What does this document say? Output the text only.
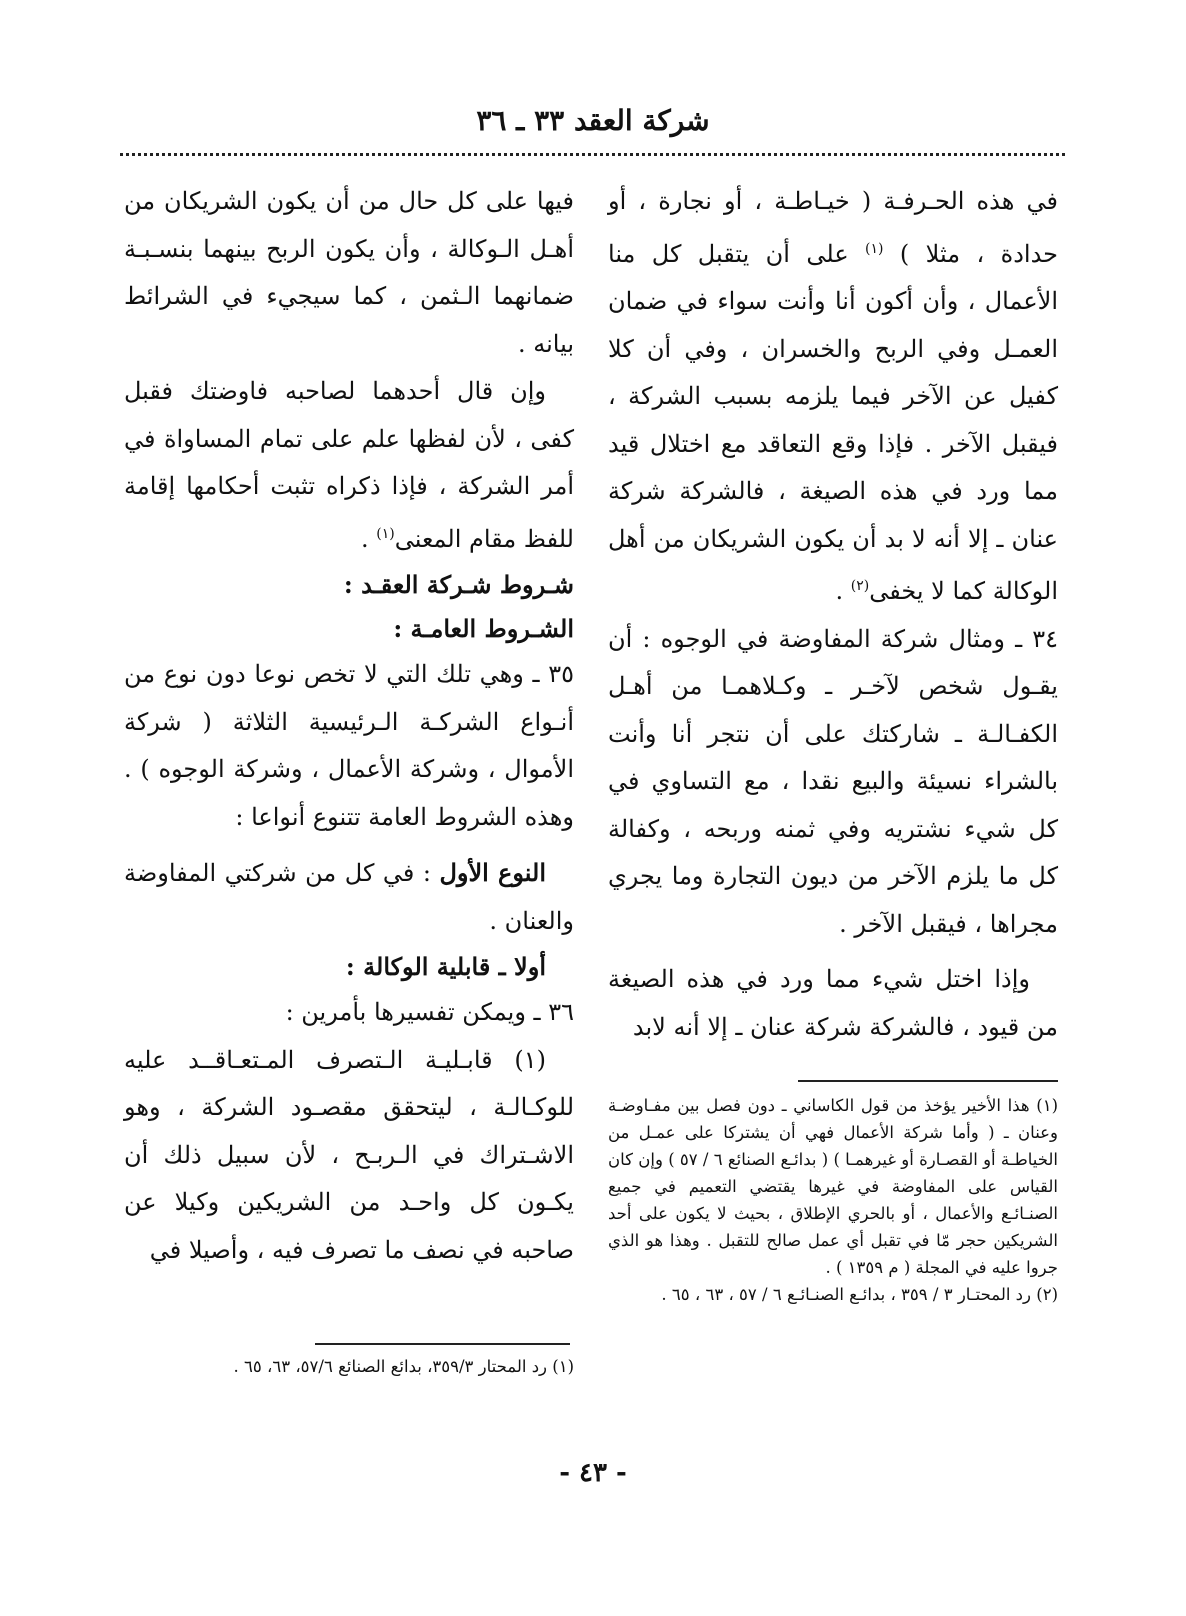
شركة العقد ٣٣ ـ ٣٦

في هذه الحـرفـة ( خيـاطـة ، أو نجارة ، أو حدادة ، مثلا ) $^{(١)}$ على أن يتقبل كل منا الأعمال ، وأن أكون أنا وأنت سواء في ضمان العمـل وفي الربح والخسران ، وفي أن كلا كفيل عن الآخر فيما يلزمه بسبب الشركة ، فيقبل الآخر . فإذا وقع التعاقد مع اختلال قيد مما ورد في هذه الصيغة ، فالشركة شركة عنان ـ إلا أنه لا بد أن يكون الشريكان من أهل الوكالة كما لا يخفى$^{(٢)}$ .

٣٤ ـ ومثال شركة المفاوضة في الوجوه : أن يقـول شخص لآخـر ـ وكـلاهمـا من أهـل الكفـالـة ـ شاركتك على أن نتجر أنا وأنت بالشراء نسيئة والبيع نقدا ، مع التساوي في كل شيء نشتريه وفي ثمنه وربحه ، وكفالة كل ما يلزم الآخر من ديون التجارة وما يجري مجراها ، فيقبل الآخر .

وإذا اختل شيء مما ورد في هذه الصيغة من قيود ، فالشركة شركة عنان ـ إلا أنه لابد

فيها على كل حال من أن يكون الشريكان من أهـل الـوكالة ، وأن يكون الربح بينهما بنسـبـة ضمانهما الـثمن ، كما سيجيء في الشرائط بيانه .

وإن قال أحدهما لصاحبه فاوضتك فقبل كفى ، لأن لفظها علم على تمام المساواة في أمر الشركة ، فإذا ذكراه تثبت أحكامها إقامة للفظ مقام المعنى$^{(١)}$ .

شـروط شـركة العقـد :

الشـروط العامـة :

٣٥ ـ وهي تلك التي لا تخص نوعا دون نوع من أنـواع الشركـة الـرئيسية الثلاثة ( شركة الأموال ، وشركة الأعمال ، وشركة الوجوه ) . وهذه الشروط العامة تتنوع أنواعا :

النوع الأول : في كل من شركتي المفاوضة والعنان .

أولا ـ قابلية الوكالة :

٣٦ ـ ويمكن تفسيرها بأمرين :

(١) قابـليـة الـتصرف المـتعـاقــد عليه للوكـالـة ، ليتحقق مقصـود الشركة ، وهو الاشـتراك في الـربـح ، لأن سبيل ذلك أن يكـون كل واحـد من الشريكين وكيلا عن صاحبه في نصف ما تصرف فيه ، وأصيلا في

(١) هذا الأخير يؤخذ من قول الكاساني ـ دون فصل بين مفـاوضـة وعنان ـ ( وأما شركة الأعمال فهي أن يشتركا على عمـل من الخياطـة أو القصـارة أو غيرهمـا ) ( بدائـع الصنائع ٦ / ٥٧ ) وإن كان القياس على المفاوضة في غيرها يقتضي التعميم في جميع الصنـائـع والأعمال ، أو بالحري الإطلاق ، بحيث لا يكون على أحد الشريكين حجر مّا في تقبل أي عمل صالح للتقبل . وهذا هو الذي جروا عليه في المجلة ( م ١٣٥٩ ) .

(٢) رد المحتـار ٣ / ٣٥٩ ، بدائـع الصنـائـع ٦ / ٥٧ ، ٦٣ ، ٦٥ .

(١) رد المحتار ٣٥٩/٣، بدائع الصنائع ٥٧/٦، ٦٣، ٦٥ .

- ٤٣ -
